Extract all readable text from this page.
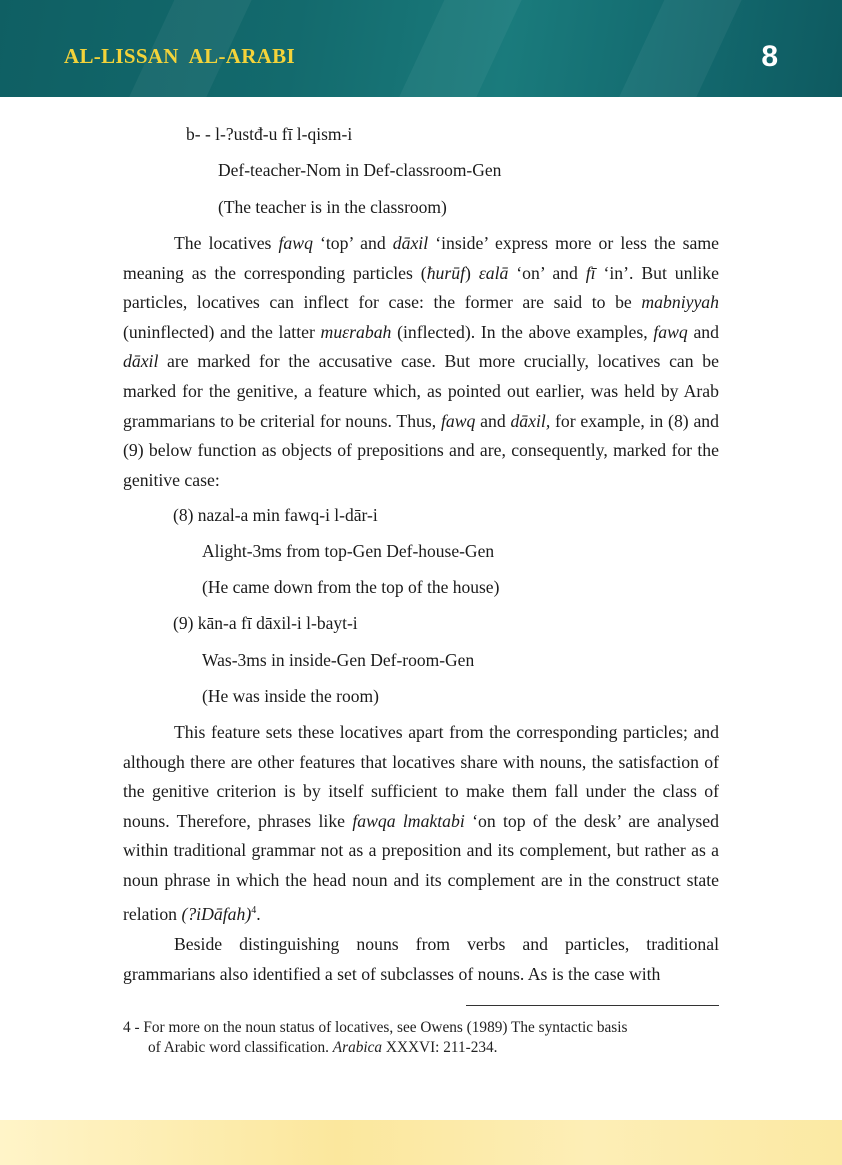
AL-LISSAN  AL-ARABI	8
b- - l-?ustđ-u fī l-qism-i
Def-teacher-Nom in Def-classroom-Gen
(The teacher is in the classroom)

The locatives fawq ‘top’ and dāxil ‘inside’ express more or less the same meaning as the corresponding particles (ħurūf) εalā ‘on’ and fī ‘in’. But unlike particles, locatives can inflect for case: the former are said to be mabniyyah (uninflected) and the latter muεrabah (inflected). In the above examples, fawq and dāxil are marked for the accusative case. But more crucially, locatives can be marked for the genitive, a feature which, as pointed out earlier, was held by Arab grammarians to be criterial for nouns. Thus, fawq and dāxil, for example, in (8) and (9) below function as objects of prepositions and are, consequently, marked for the genitive case:

(8) nazal-a min fawq-i l-dār-i
Alight-3ms from top-Gen Def-house-Gen
(He came down from the top of the house)
(9) kān-a fī dāxil-i l-bayt-i
Was-3ms in inside-Gen Def-room-Gen
(He was inside the room)

This feature sets these locatives apart from the corresponding particles; and although there are other features that locatives share with nouns, the satisfaction of the genitive criterion is by itself sufficient to make them fall under the class of nouns. Therefore, phrases like fawqa lmaktabi ‘on top of the desk’ are analysed within traditional grammar not as a preposition and its complement, but rather as a noun phrase in which the head noun and its complement are in the construct state relation (?iDāfah)$^4$.

Beside distinguishing nouns from verbs and particles, traditional grammarians also identified a set of subclasses of nouns. As is the case with

4 - For more on the noun status of locatives, see Owens (1989) The syntactic basis
of Arabic word classification. Arabica XXXVI: 211-234.
